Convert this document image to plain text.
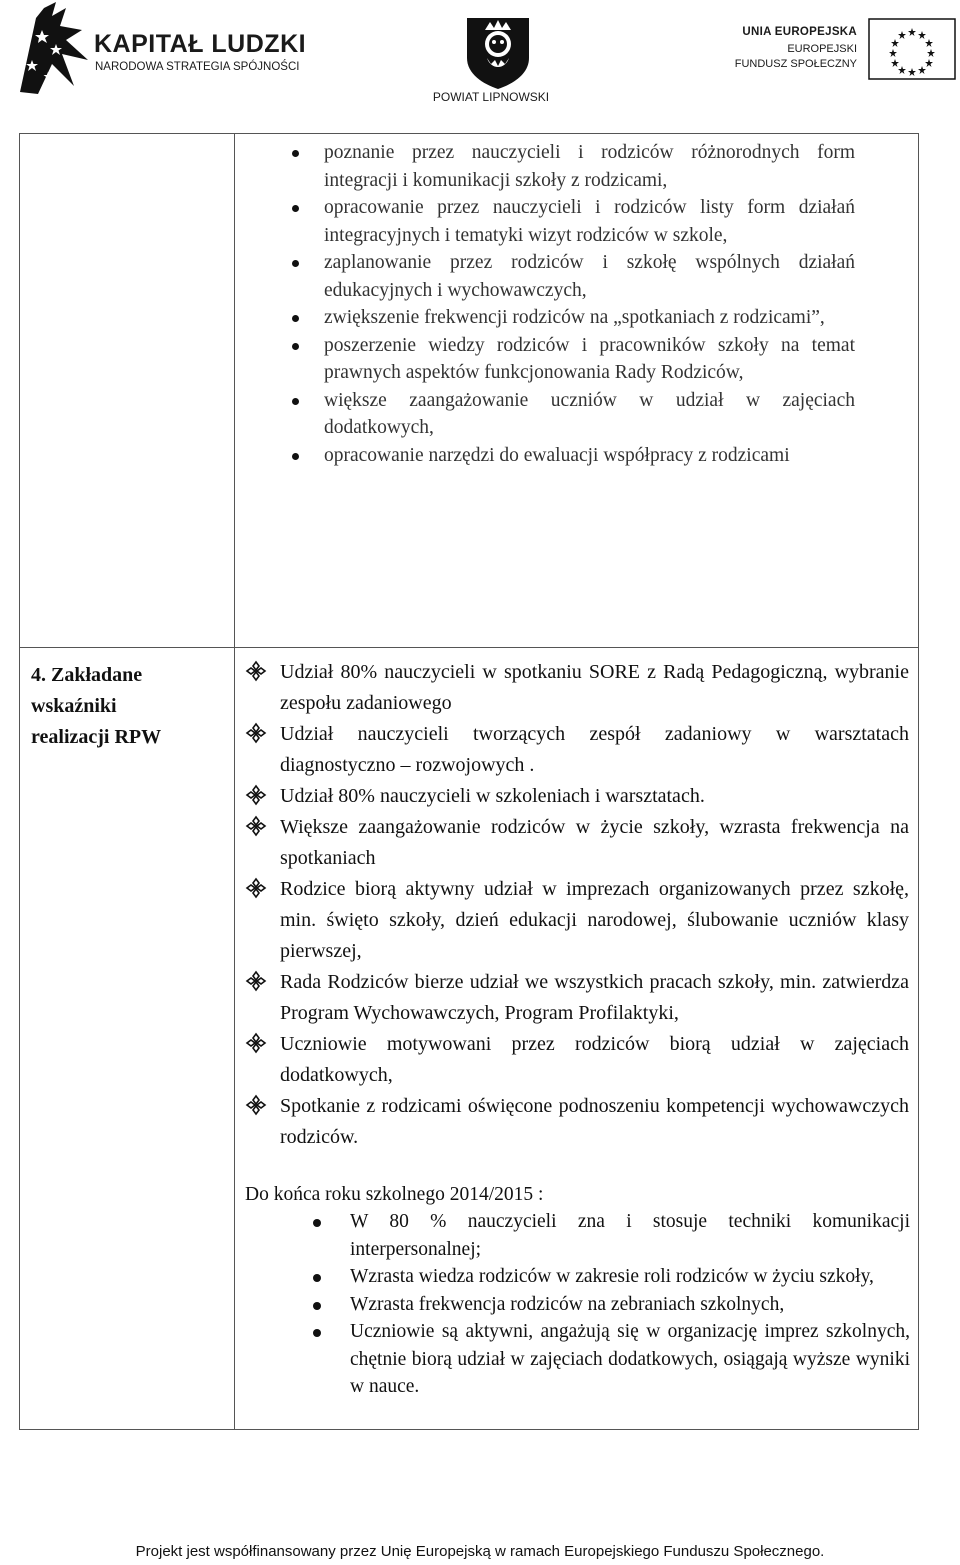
KAPITAŁ LUDZKI
NARODOWA STRATEGIA SPÓJNOŚCI
POWIAT LIPNOWSKI
UNIA EUROPEJSKA
EUROPEJSKI
FUNDUSZ SPOŁECZNY
poznanie przez nauczycieli i rodziców różnorodnych form integracji i komunikacji szkoły z rodzicami,
opracowanie przez nauczycieli i rodziców listy form działań integracyjnych i tematyki wizyt rodziców w szkole,
zaplanowanie przez rodziców i szkołę wspólnych działań edukacyjnych i wychowawczych,
zwiększenie frekwencji rodziców na „spotkaniach z rodzicami”,
poszerzenie wiedzy rodziców i pracowników szkoły na temat prawnych aspektów funkcjonowania Rady Rodziców,
większe zaangażowanie uczniów w udział w zajęciach dodatkowych,
opracowanie narzędzi do ewaluacji współpracy z rodzicami
4. Zakładane
wskaźniki
realizacji RPW
Udział 80% nauczycieli w spotkaniu SORE z Radą Pedagogiczną, wybranie zespołu zadaniowego
Udział nauczycieli tworzących zespół zadaniowy w warsztatach diagnostyczno – rozwojowych .
Udział 80% nauczycieli w szkoleniach i warsztatach.
Większe zaangażowanie rodziców w życie szkoły, wzrasta frekwencja na spotkaniach
Rodzice biorą aktywny udział w imprezach organizowanych przez szkołę, min. święto szkoły, dzień edukacji narodowej, ślubowanie uczniów klasy pierwszej,
Rada Rodziców bierze udział we wszystkich pracach szkoły, min. zatwierdza Program Wychowawczych, Program Profilaktyki,
Uczniowie motywowani przez rodziców biorą udział w zajęciach dodatkowych,
Spotkanie z rodzicami oświęcone podnoszeniu kompetencji wychowawczych rodziców.
Do końca roku szkolnego 2014/2015 :
W 80 % nauczycieli zna i stosuje techniki komunikacji interpersonalnej;
Wzrasta wiedza rodziców w zakresie roli rodziców w życiu szkoły,
Wzrasta frekwencja rodziców na zebraniach szkolnych,
Uczniowie są aktywni, angażują się w organizację imprez szkolnych, chętnie biorą udział w zajęciach dodatkowych, osiągają wyższe wyniki w nauce.
Projekt jest współfinansowany przez Unię Europejską w ramach Europejskiego Funduszu Społecznego.
